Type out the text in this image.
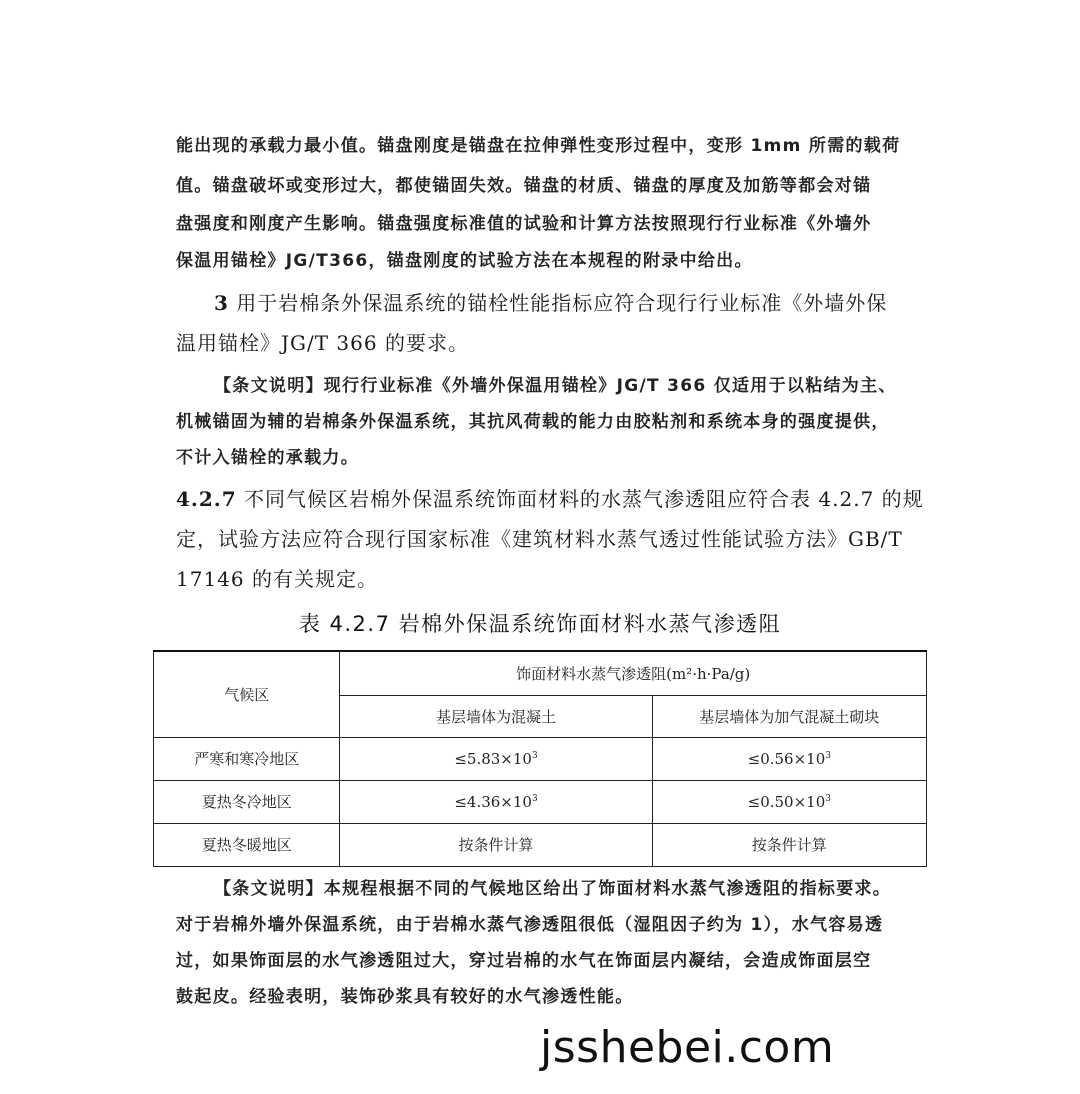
能出现的承载力最小值。锚盘刚度是锚盘在拉伸弹性变形过程中，变形 1mm 所需的载荷
值。锚盘破坏或变形过大，都使锚固失效。锚盘的材质、锚盘的厚度及加筋等都会对锚
盘强度和刚度产生影响。锚盘强度标准值的试验和计算方法按照现行行业标准《外墙外
保温用锚栓》JG/T366，锚盘刚度的试验方法在本规程的附录中给出。
3 用于岩棉条外保温系统的锚栓性能指标应符合现行行业标准《外墙外保
温用锚栓》JG/T 366 的要求。
【条文说明】现行行业标准《外墙外保温用锚栓》JG/T 366 仅适用于以粘结为主、
机械锚固为辅的岩棉条外保温系统，其抗风荷载的能力由胶粘剂和系统本身的强度提供，
不计入锚栓的承载力。
4.2.7 不同气候区岩棉外保温系统饰面材料的水蒸气渗透阻应符合表 4.2.7 的规
定，试验方法应符合现行国家标准《建筑材料水蒸气透过性能试验方法》GB/T
17146 的有关规定。
表 4.2.7 岩棉外保温系统饰面材料水蒸气渗透阻
气候区	饰面材料水蒸气渗透阻(m²·h·Pa/g)	
	基层墙体为混凝土	基层墙体为加气混凝土砌块
严寒和寒冷地区	$\le 5.83\times 10^3$	$\le 0.56\times 10^3$
夏热冬冷地区	$\le 4.36\times 10^3$	$\le 0.50\times 10^3$
夏热冬暖地区	按条件计算	按条件计算
【条文说明】本规程根据不同的气候地区给出了饰面材料水蒸气渗透阻的指标要求。
对于岩棉外墙外保温系统，由于岩棉水蒸气渗透阻很低（湿阻因子约为 1），水气容易透
过，如果饰面层的水气渗透阻过大，穿过岩棉的水气在饰面层内凝结，会造成饰面层空
鼓起皮。经验表明，装饰砂浆具有较好的水气渗透性能。
jsshebei.com
